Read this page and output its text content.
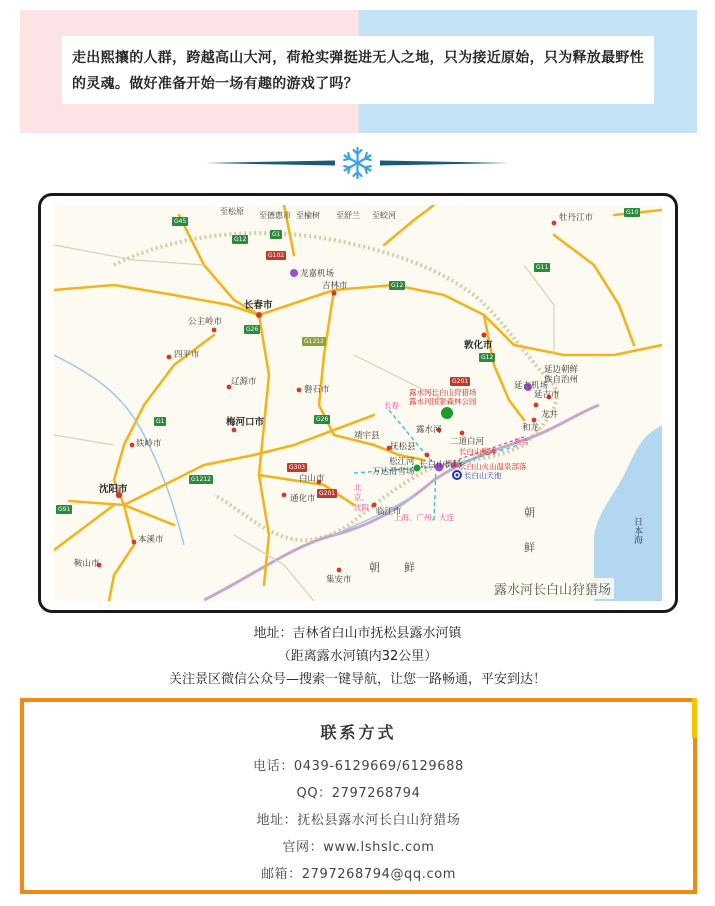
走出熙攘的人群，跨越高山大河，荷枪实弹挺进无人之地，只为接近原始，只为释放最野性的灵魂。做好准备开始一场有趣的游戏了吗？

至松原 至德惠市 至榆树 至舒兰 至蛟河
长春市
吉林市
敦化市
牡丹江市
公主岭市
四平市
辽源市
磐石市
梅河口市
铁岭市
沈阳市
本溪市
鞍山市
通化市
白山市
集安市
临江市
抚松县
靖宇县
松江河
露水河
二道白河
延吉市
延边朝鲜族自治州
龙井
和龙
龙嘉机场
延吉机场
长白山机场
万达滑雪场
露水河长白山狩猎场
露水河国家森林公园
长白山鲍滩
长白山火山温泉部落
长白山天池
长春
北京、沈阳
延吉
上海、广州、大连	朝
鲜
朝 鲜
日本海
G45
G12
G1
G102
G12
G26
G1212
G12
G201
G26
G303
G201
G1212
G91
G1
G10
G11
露水河长白山狩猎场
地址：吉林省白山市抚松县露水河镇
（距离露水河镇内32公里）
关注景区微信公众号—搜索一键导航，让您一路畅通，平安到达！
联系方式
电话：0439-6129669/6129688
QQ：2797268794
地址：抚松县露水河长白山狩猎场
官网：www.lshslc.com
邮箱：2797268794@qq.com
